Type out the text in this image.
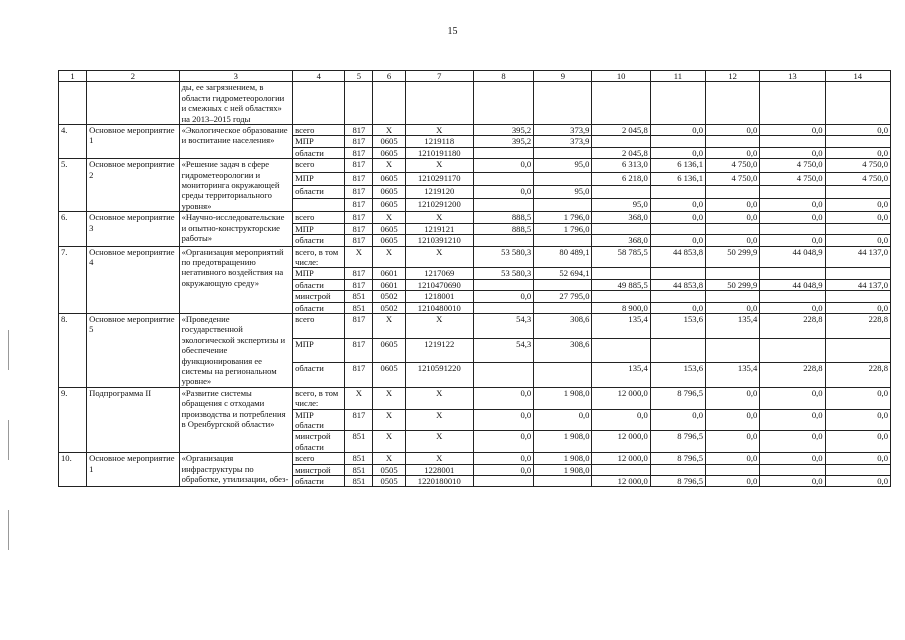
15
1	2	3	4	5	6	7	8	9	10	11	12	13	14
		ды, ее загрязнением, в области гидрометеорологии и смежных с ней областях» на 2013–2015 годы											
4.	Основное мероприятие 1	«Экологическое образование и воспитание населения»	всего	817	X	X	395,2	373,9	2 045,8	0,0	0,0	0,0	0,0
			МПР	817	0605	1219118	395,2	373,9					
			области	817	0605	1210191180			2 045,8	0,0	0,0	0,0	0,0
5.	Основное мероприятие 2	«Решение задач в сфере гидрометеорологии и мониторинга окружающей среды территориального уровня»	всего	817	X	X	0,0	95,0	6 313,0	6 136,1	4 750,0	4 750,0	4 750,0
			МПР	817	0605	1210291170			6 218,0	6 136,1	4 750,0	4 750,0	4 750,0
			области	817	0605	1219120	0,0	95,0					
				817	0605	1210291200			95,0	0,0	0,0	0,0	0,0
6.	Основное мероприятие 3	«Научно-исследовательские и опытно-конструкторские работы»	всего	817	X	X	888,5	1 796,0	368,0	0,0	0,0	0,0	0,0
			МПР	817	0605	1219121	888,5	1 796,0					
			области	817	0605	1210391210			368,0	0,0	0,0	0,0	0,0
7.	Основное мероприятие 4	«Организация мероприятий по предотвращению негативного воздействия на окружающую среду»	всего, в том числе:	X	X	X	53 580,3	80 489,1	58 785,5	44 853,8	50 299,9	44 048,9	44 137,0
			МПР	817	0601	1217069	53 580,3	52 694,1					
			области	817	0601	1210470690			49 885,5	44 853,8	50 299,9	44 048,9	44 137,0
			минстрой	851	0502	1218001	0,0	27 795,0					
			области	851	0502	1210480010			8 900,0	0,0	0,0	0,0	0,0
8.	Основное мероприятие 5	«Проведение государственной экологической экспертизы и обеспечение функционирования ее системы на региональном уровне»	всего	817	X	X	54,3	308,6	135,4	153,6	135,4	228,8	228,8
			МПР	817	0605	1219122	54,3	308,6					
			области	817	0605	1210591220			135,4	153,6	135,4	228,8	228,8
9.	Подпрограмма II	«Развитие системы обращения с отходами производства и потребления в Оренбургской области»	всего, в том числе:	X	X	X	0,0	1 908,0	12 000,0	8 796,5	0,0	0,0	0,0
			МПР области	817	X	X	0,0	0,0	0,0	0,0	0,0	0,0	0,0
			минстрой области	851	X	X	0,0	1 908,0	12 000,0	8 796,5	0,0	0,0	0,0
10.	Основное мероприятие 1	«Организация инфраструктуры по обработке, утилизации, обез-	всего	851	X	X	0,0	1 908,0	12 000,0	8 796,5	0,0	0,0	0,0
			минстрой	851	0505	1228001	0,0	1 908,0					
			области	851	0505	1220180010			12 000,0	8 796,5	0,0	0,0	0,0
